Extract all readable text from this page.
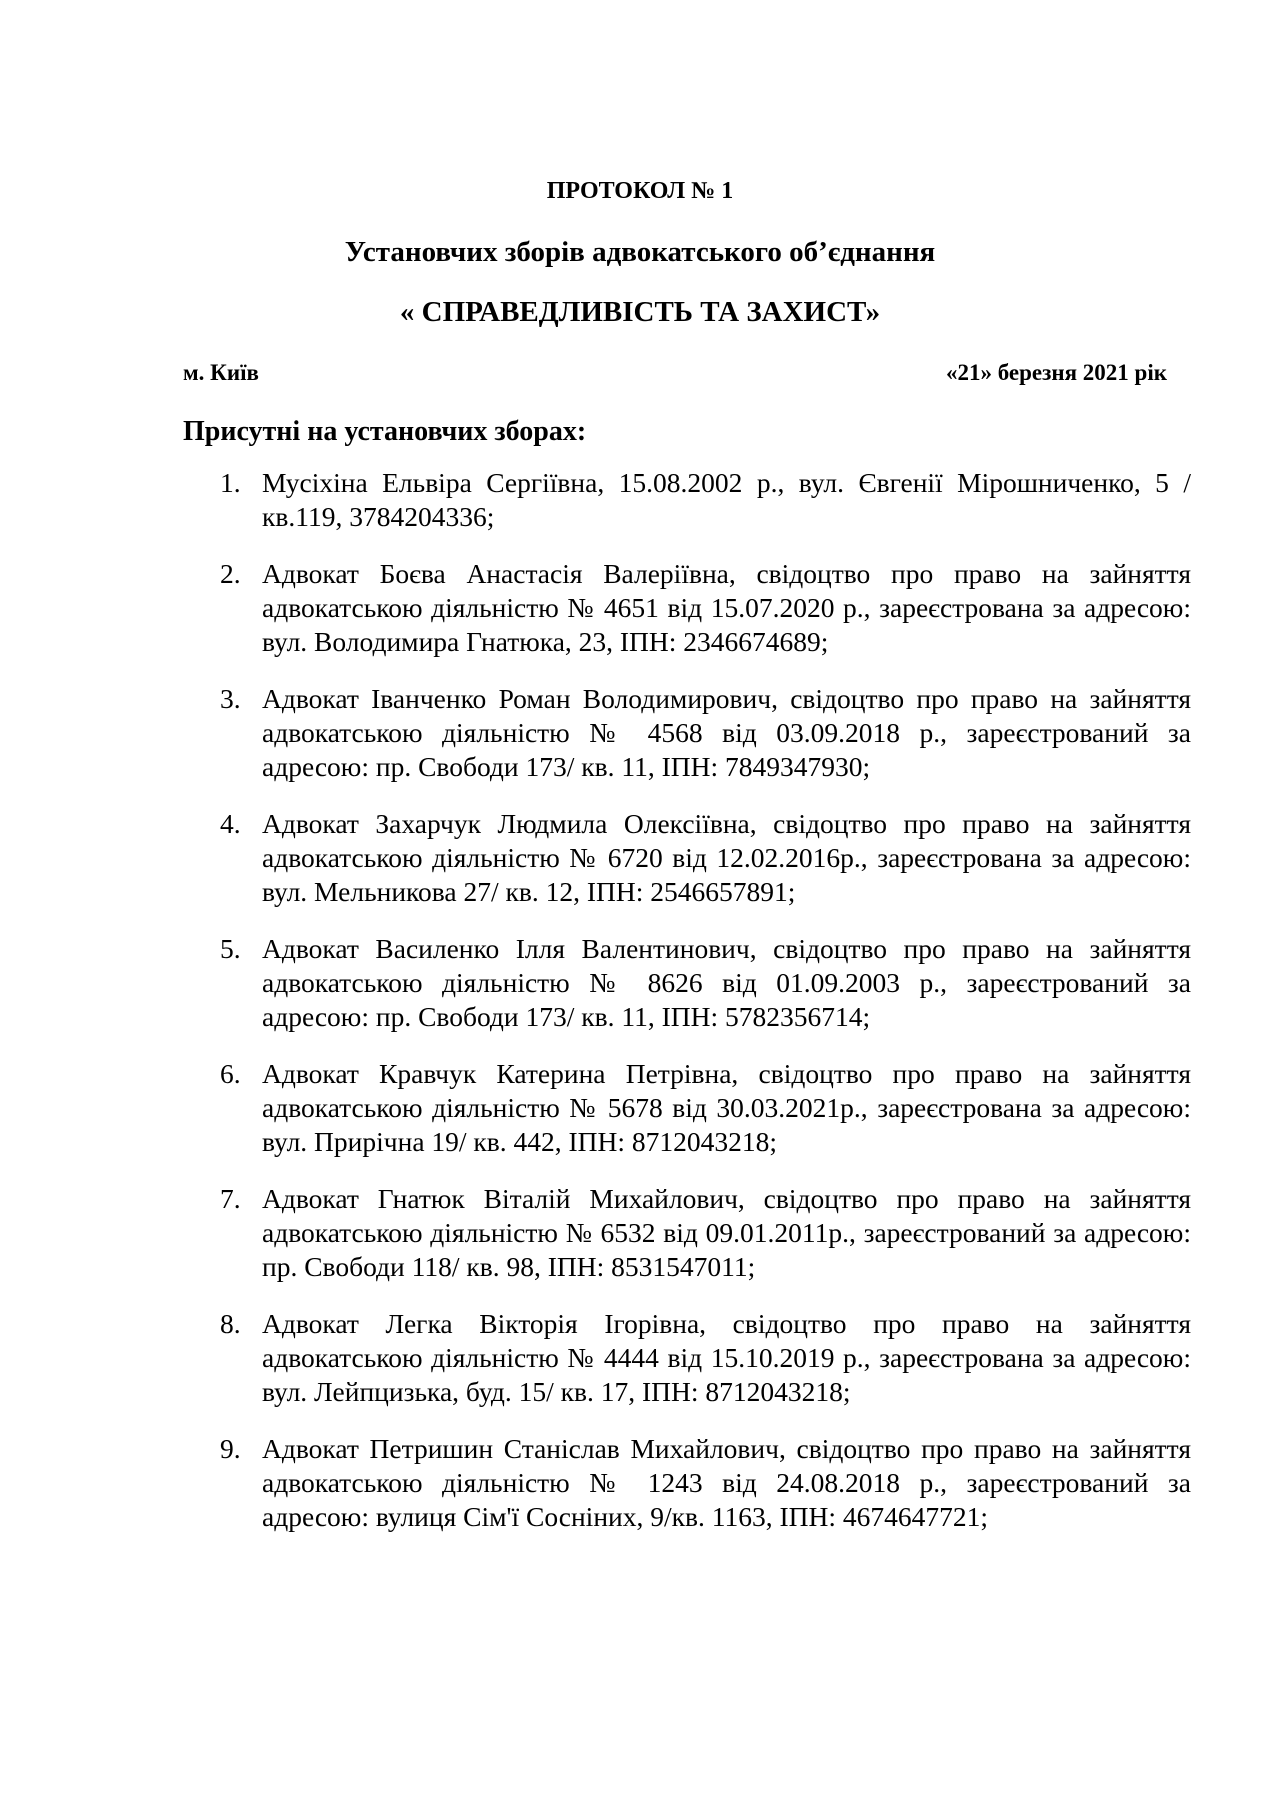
ПРОТОКОЛ № 1
Установчих зборів адвокатського об’єднання
« СПРАВЕДЛИВІСТЬ ТА ЗАХИСТ»
м. Київ	«21» березня 2021 рік
Присутні на установчих зборах:
1. Мусіхіна Ельвіра Сергіївна, 15.08.2002 р., вул. Євгенії Мірошниченко, 5 /кв.119, 3784204336;
2. Адвокат Боєва Анастасія Валеріївна, свідоцтво про право на зайняття адвокатською діяльністю № 4651 від 15.07.2020 р., зареєстрована за адресою: вул. Володимира Гнатюка, 23, ІПН: 2346674689;
3. Адвокат Іванченко Роман Володимирович, свідоцтво про право на зайняття адвокатською діяльністю № 4568 від 03.09.2018 р., зареєстрований за адресою: пр. Свободи 173/ кв. 11, ІПН: 7849347930;
4. Адвокат Захарчук Людмила Олексіївна, свідоцтво про право на зайняття адвокатською діяльністю № 6720 від 12.02.2016р., зареєстрована за адресою: вул. Мельникова 27/ кв. 12, ІПН: 2546657891;
5. Адвокат Василенко Ілля Валентинович, свідоцтво про право на зайняття адвокатською діяльністю № 8626 від 01.09.2003 р., зареєстрований за адресою: пр. Свободи 173/ кв. 11, ІПН: 5782356714;
6. Адвокат Кравчук Катерина Петрівна, свідоцтво про право на зайняття адвокатською діяльністю № 5678 від 30.03.2021р., зареєстрована за адресою: вул. Прирічна 19/ кв. 442, ІПН: 8712043218;
7. Адвокат Гнатюк Віталій Михайлович, свідоцтво про право на зайняття адвокатською діяльністю № 6532 від 09.01.2011р., зареєстрований за адресою: пр. Свободи 118/ кв. 98, ІПН: 8531547011;
8. Адвокат Легка Вікторія Ігорівна, свідоцтво про право на зайняття адвокатською діяльністю № 4444 від 15.10.2019 р., зареєстрована за адресою: вул. Лейпцизька, буд. 15/ кв. 17, ІПН: 8712043218;
9. Адвокат Петришин Станіслав Михайлович, свідоцтво про право на зайняття адвокатською діяльністю № 1243 від 24.08.2018 р., зареєстрований за адресою: вулиця Сім'ї Сосніних, 9/кв. 1163, ІПН: 4674647721;
